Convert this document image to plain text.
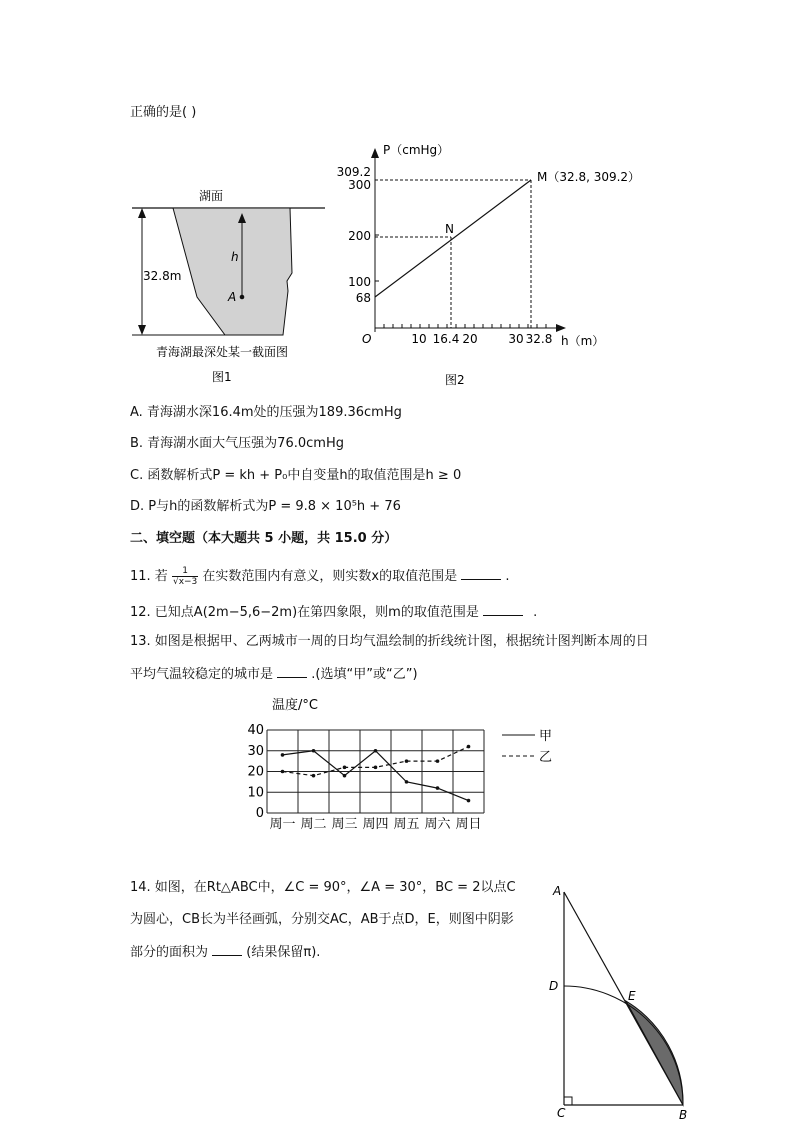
正确的是( )
湖面
32.8m
h
A
青海湖最深处某一截面图
图1
309.2
300
200
100
68
10 16.4 20	30 32.8
O
P（cmHg）
h（m）
M（32.8, 309.2）
N
图2
A. 青海湖水深16.4m处的压强为189.36cmHg
B. 青海湖水面大气压强为76.0cmHg
C. 函数解析式P = kh + P₀中自变量h的取值范围是h ≥ 0
D. P与h的函数解析式为P = 9.8 × 10⁵h + 76
二、填空题（本大题共 5 小题，共 15.0 分）
11. 若 $\frac{1}{√x-3}$ 在实数范围内有意义，则实数x的取值范围是	.
12. 已知点A(2m−5,6−2m)在第四象限，则m的取值范围是	.
13. 如图是根据甲、乙两城市一周的日均气温绘制的折线统计图，根据统计图判断本周的日
平均气温较稳定的城市是	.(选填“甲”或“乙”)
温度/°C
0
10
20
30
40
周一 周二 周三 周四 周五 周六 周日
甲
乙
14. 如图，在Rt△ABC中，∠C = 90°，∠A = 30°，BC = 2以点C
为圆心，CB长为半径画弧，分别交AC，AB于点D，E，则图中阴影
部分的面积为	(结果保留π).
A
D
E
C	B
